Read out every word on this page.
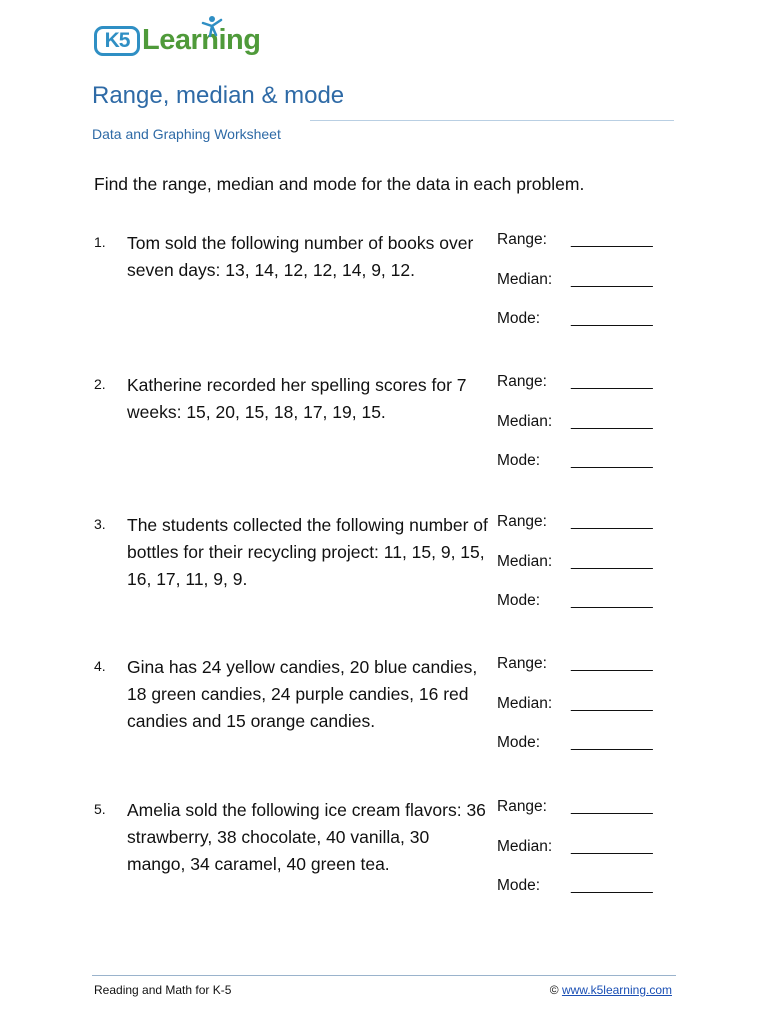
K5 Learning
Range, median & mode
Data and Graphing Worksheet
Find the range, median and mode for the data in each problem.
1. Tom sold the following number of books over seven days: 13, 14, 12, 12, 14, 9, 12.
Range: __________
Median: __________
Mode: __________
2. Katherine recorded her spelling scores for 7 weeks: 15, 20, 15, 18, 17, 19, 15.
Range: __________
Median: __________
Mode: __________
3. The students collected the following number of bottles for their recycling project: 11, 15, 9, 15, 16, 17, 11, 9, 9.
Range: __________
Median: __________
Mode: __________
4. Gina has 24 yellow candies, 20 blue candies, 18 green candies, 24 purple candies, 16 red candies and 15 orange candies.
Range: __________
Median: __________
Mode: __________
5. Amelia sold the following ice cream flavors: 36 strawberry, 38 chocolate, 40 vanilla, 30 mango, 34 caramel, 40 green tea.
Range: __________
Median: __________
Mode: __________
Reading and Math for K-5	© www.k5learning.com
